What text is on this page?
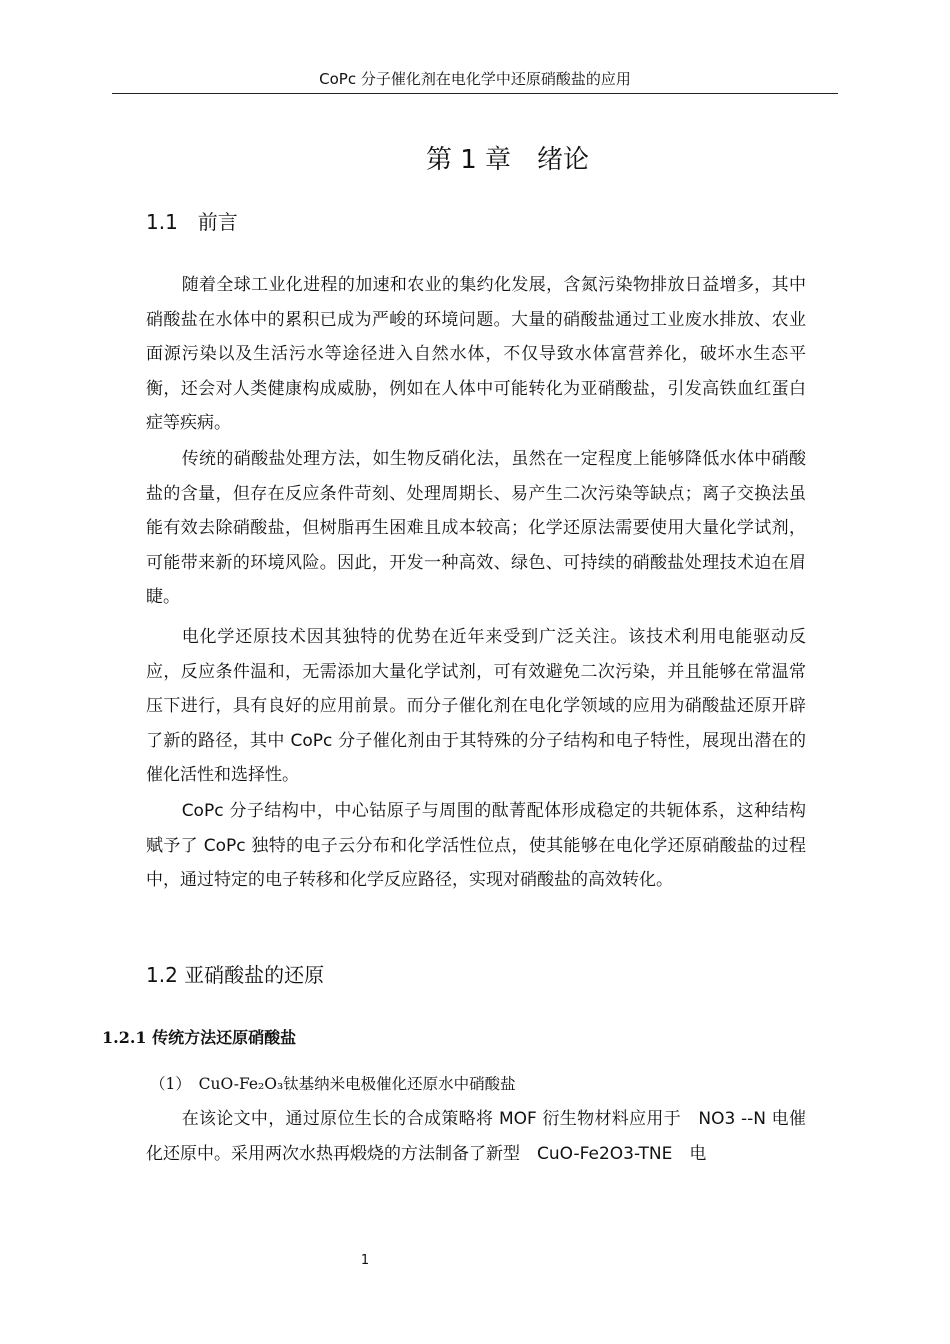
CoPc 分子催化剂在电化学中还原硝酸盐的应用
第 1 章　绪论
1.1　前言

随着全球工业化进程的加速和农业的集约化发展，含氮污染物排放日益增多，其中硝酸盐在水体中的累积已成为严峻的环境问题。大量的硝酸盐通过工业废水排放、农业面源污染以及生活污水等途径进入自然水体，不仅导致水体富营养化，破坏水生态平衡，还会对人类健康构成威胁，例如在人体中可能转化为亚硝酸盐，引发高铁血红蛋白症等疾病。

传统的硝酸盐处理方法，如生物反硝化法，虽然在一定程度上能够降低水体中硝酸盐的含量，但存在反应条件苛刻、处理周期长、易产生二次污染等缺点；离子交换法虽能有效去除硝酸盐，但树脂再生困难且成本较高；化学还原法需要使用大量化学试剂，可能带来新的环境风险。因此，开发一种高效、绿色、可持续的硝酸盐处理技术迫在眉睫。

电化学还原技术因其独特的优势在近年来受到广泛关注。该技术利用电能驱动反应，反应条件温和，无需添加大量化学试剂，可有效避免二次污染，并且能够在常温常压下进行，具有良好的应用前景。而分子催化剂在电化学领域的应用为硝酸盐还原开辟了新的路径，其中 CoPc 分子催化剂由于其特殊的分子结构和电子特性，展现出潜在的催化活性和选择性。

CoPc 分子结构中，中心钴原子与周围的酞菁配体形成稳定的共轭体系，这种结构赋予了 CoPc 独特的电子云分布和化学活性位点，使其能够在电化学还原硝酸盐的过程中，通过特定的电子转移和化学反应路径，实现对硝酸盐的高效转化。

1.2 亚硝酸盐的还原
1.2.1 传统方法还原硝酸盐
（1）　CuO-Fe₂O₃钛基纳米电极催化还原水中硝酸盐

在该论文中，通过原位生长的合成策略将 MOF 衍生物材料应用于　NO3 --N 电催化还原中。采用两次水热再煅烧的方法制备了新型　CuO-Fe2O3-TNE　电

1
